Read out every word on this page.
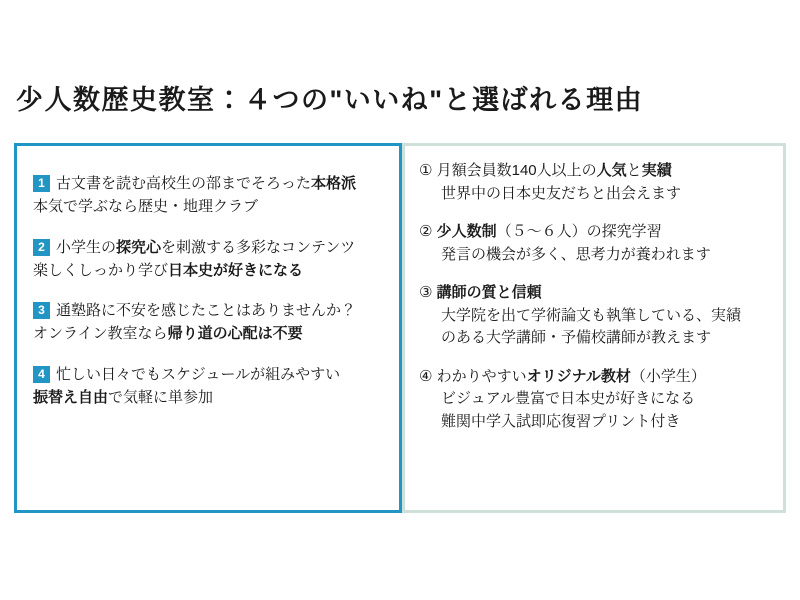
少人数歴史教室：４つの"いいね"と選ばれる理由
1 古文書を読む高校生の部までそろった本格派
本気で学ぶなら歴史・地理クラブ
2 小学生の探究心を刺激する多彩なコンテンツ
楽しくしっかり学び日本史が好きになる
3 通塾路に不安を感じたことはありませんか？
オンライン教室なら帰り道の心配は不要
4 忙しい日々でもスケジュールが組みやすい
振替え自由で気軽に単参加
① 月額会員数140人以上の人気と実績
世界中の日本史友だちと出会えます
② 少人数制（５～６人）の探究学習
発言の機会が多く、思考力が養われます
③ 講師の質と信頼
大学院を出て学術論文も執筆している、実績
のある大学講師・予備校講師が教えます
④ わかりやすいオリジナル教材（小学生）
ビジュアル豊富で日本史が好きになる
難関中学入試即応復習プリント付き
